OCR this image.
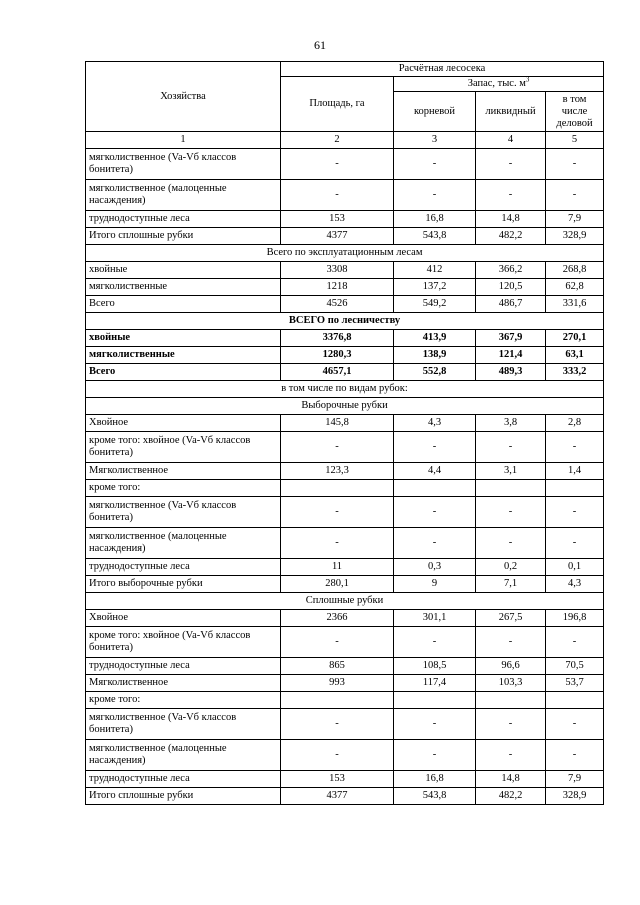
61
Хозяйства	Расчётная лесосека			
	Площадь, га	Запас, тыс. $м^3$
		корневой	ликвидный	в том числе деловой
1	2	3	4	5
мягколиственное (Va-Vб классов бонитета)	-	-	-	-
мягколиственное (малоценные насаждения)	-	-	-	-
труднодоступные леса	153	16,8	14,8	7,9
Итого сплошные рубки	4377	543,8	482,2	328,9
Всего по эксплуатационным лесам				
хвойные	3308	412	366,2	268,8
мягколиственные	1218	137,2	120,5	62,8
Всего	4526	549,2	486,7	331,6
ВСЕГО по лесничеству				
хвойные	3376,8	413,9	367,9	270,1
мягколиственные	1280,3	138,9	121,4	63,1
Всего	4657,1	552,8	489,3	333,2
в том числе по видам рубок:				
Выборочные рубки				
Хвойное	145,8	4,3	3,8	2,8
кроме того: хвойное (Va-Vб классов бонитета)	-	-	-	-
Мягколиственное	123,3	4,4	3,1	1,4
кроме того:				
мягколиственное (Va-Vб классов бонитета)	-	-	-	-
мягколиственное (малоценные насаждения)	-	-	-	-
труднодоступные леса	11	0,3	0,2	0,1
Итого выборочные рубки	280,1	9	7,1	4,3
Сплошные рубки				
Хвойное	2366	301,1	267,5	196,8
кроме того: хвойное (Va-Vб классов бонитета)	-	-	-	-
труднодоступные леса	865	108,5	96,6	70,5
Мягколиственное	993	117,4	103,3	53,7
кроме того:				
мягколиственное (Va-Vб классов бонитета)	-	-	-	-
мягколиственное (малоценные насаждения)	-	-	-	-
труднодоступные леса	153	16,8	14,8	7,9
Итого сплошные рубки	4377	543,8	482,2	328,9
